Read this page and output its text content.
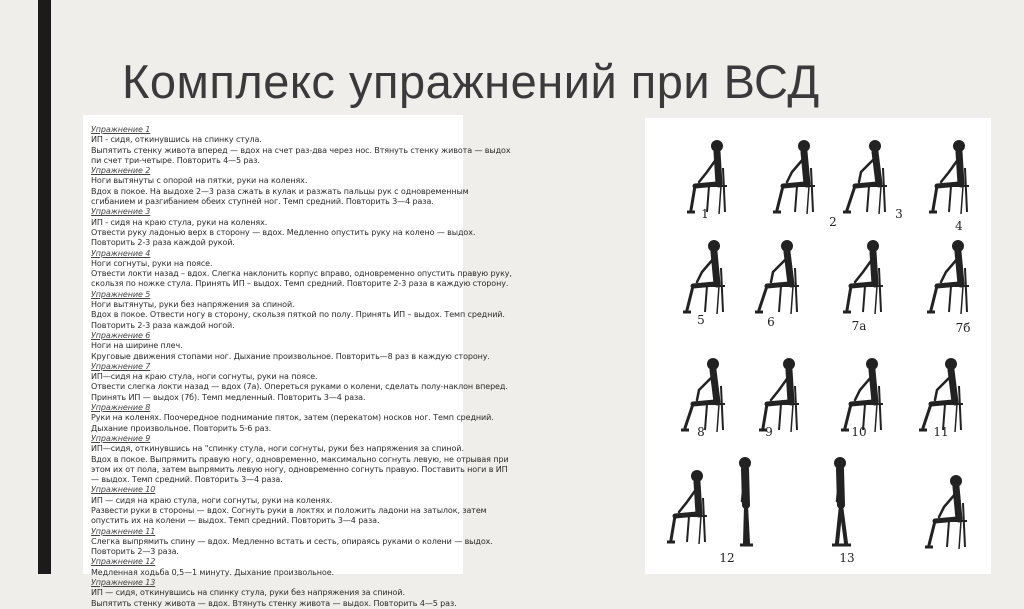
Комплекс упражнений при ВСД
Упражнение 1
ИП - сидя, откинувшись на спинку стула.
Выпятить стенку живота вперед — вдох на счет раз-два через нос. Втянуть стенку живота — выдох
пи счет три-четыре. Повторить 4—5 раз.
Упражнение 2
Ноги вытянуты с опорой на пятки, руки на коленях.
Вдох в покое. На выдохе 2—3 раза сжать в кулак и разжать пальцы рук с одновременным
сгибанием и разгибанием обеих ступней ног. Темп средний. Повторить 3—4 раза.
Упражнение 3
ИП - сидя на краю стула, руки на коленях.
Отвести руку ладонью верх в сторону — вдох. Медленно опустить руку на колено — выдох.
Повторить 2-3 раза каждой рукой.
Упражнение 4
Ноги согнуты, руки на поясе.
Отвести локти назад – вдох. Слегка наклонить корпус вправо, одновременно опустить правую руку,
скользя по ножке стула. Принять ИП – выдох. Темп средний. Повторите 2-3 раза в каждую сторону.
Упражнение 5
Ноги вытянуты, руки без напряжения за спиной.
Вдох в покое. Отвести ногу в сторону, скользя пяткой по полу. Принять ИП – выдох. Темп средний.
Повторить 2-3 раза каждой ногой.
Упражнение 6
Ноги на ширине плеч.
Круговые движения стопами ног. Дыхание произвольное. Повторить—8 раз в каждую сторону.
Упражнение 7
ИП—сидя на краю стула, ноги согнуты, руки на поясе.
Отвести слегка локти назад — вдох (7а). Опереться руками о колени, сделать полу-наклон вперед.
Принять ИП — выдох (7б). Темп медленный. Повторить 3—4 раза.
Упражнение 8
Руки на коленях. Поочередное поднимание пяток, затем (перекатом) носков ног. Темп средний.
Дыхание произвольное. Повторить 5-6 раз.
Упражнение 9
ИП—сидя, откинувшись на "спинку стула, ноги согнуты, руки без напряжения за спиной.
Вдох в покое. Выпрямить правую ногу, одновременно, максимально согнуть левую, не отрывая при
этом их от пола, затем выпрямить левую ногу, одновременно согнуть правую. Поставить ноги в ИП
— выдох. Темп средний. Повторить 3—4 раза.
Упражнение 10
ИП — сидя на краю стула, ноги согнуты, руки на коленях.
Развести руки в стороны — вдох. Согнуть руки в локтях и положить ладони на затылок, затем
опустить их на колени — выдох. Темп средний. Повторить 3—4 раза.
Упражнение 11
Слегка выпрямить спину — вдох. Медленно встать и сесть, опираясь руками о колени — выдох.
Повторить 2—3 раза.
Упражнение 12
Медленная ходьба 0,5—1 минуту. Дыхание произвольное.
Упражнение 13
ИП — сидя, откинувшись на спинку стула, руки без напряжения за спиной.
Выпятить стенку живота — вдох. Втянуть стенку живота — выдох. Повторить 4—5 раз.
1
2
3
4
5	6	7а	7б
8	9	10	11
12	13
